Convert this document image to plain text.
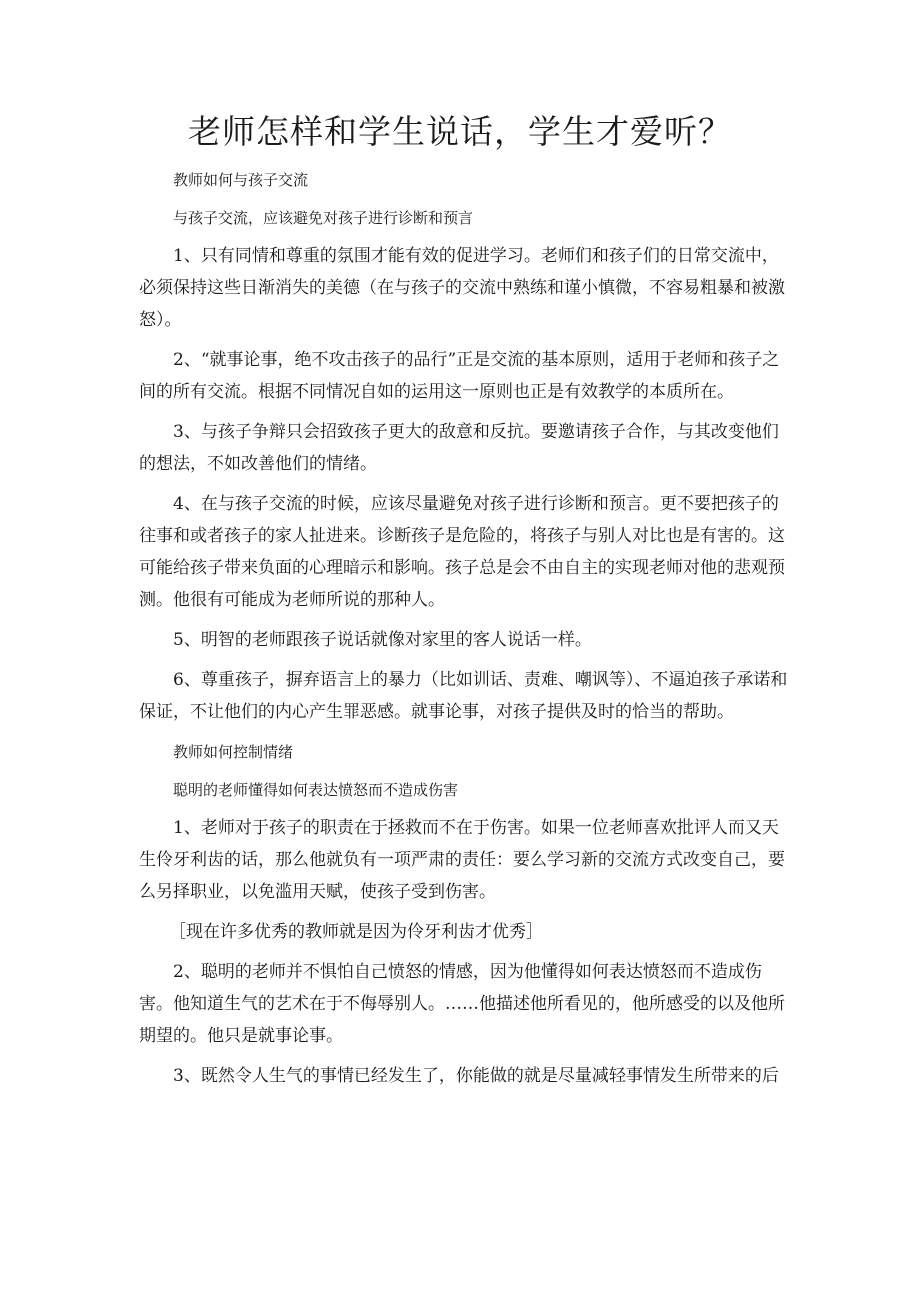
老师怎样和学生说话，学生才爱听？

教师如何与孩子交流

与孩子交流，应该避免对孩子进行诊断和预言

1、只有同情和尊重的氛围才能有效的促进学习。老师们和孩子们的日常交流中，必须保持这些日渐消失的美德（在与孩子的交流中熟练和谨小慎微，不容易粗暴和被激怒）。

2、“就事论事，绝不攻击孩子的品行”正是交流的基本原则，适用于老师和孩子之间的所有交流。根据不同情况自如的运用这一原则也正是有效教学的本质所在。

3、与孩子争辩只会招致孩子更大的敌意和反抗。要邀请孩子合作，与其改变他们的想法，不如改善他们的情绪。

4、在与孩子交流的时候，应该尽量避免对孩子进行诊断和预言。更不要把孩子的往事和或者孩子的家人扯进来。诊断孩子是危险的，将孩子与别人对比也是有害的。这可能给孩子带来负面的心理暗示和影响。孩子总是会不由自主的实现老师对他的悲观预测。他很有可能成为老师所说的那种人。

5、明智的老师跟孩子说话就像对家里的客人说话一样。

6、尊重孩子，摒弃语言上的暴力（比如训话、责难、嘲讽等）、不逼迫孩子承诺和保证，不让他们的内心产生罪恶感。就事论事，对孩子提供及时的恰当的帮助。

教师如何控制情绪

聪明的老师懂得如何表达愤怒而不造成伤害

1、老师对于孩子的职责在于拯救而不在于伤害。如果一位老师喜欢批评人而又天生伶牙利齿的话，那么他就负有一项严肃的责任：要么学习新的交流方式改变自己，要么另择职业，以免滥用天赋，使孩子受到伤害。

［现在许多优秀的教师就是因为伶牙利齿才优秀］

2、聪明的老师并不惧怕自己愤怒的情感，因为他懂得如何表达愤怒而不造成伤害。他知道生气的艺术在于不侮辱别人。……他描述他所看见的，他所感受的以及他所期望的。他只是就事论事。

3、既然令人生气的事情已经发生了，你能做的就是尽量减轻事情发生所带来的后
